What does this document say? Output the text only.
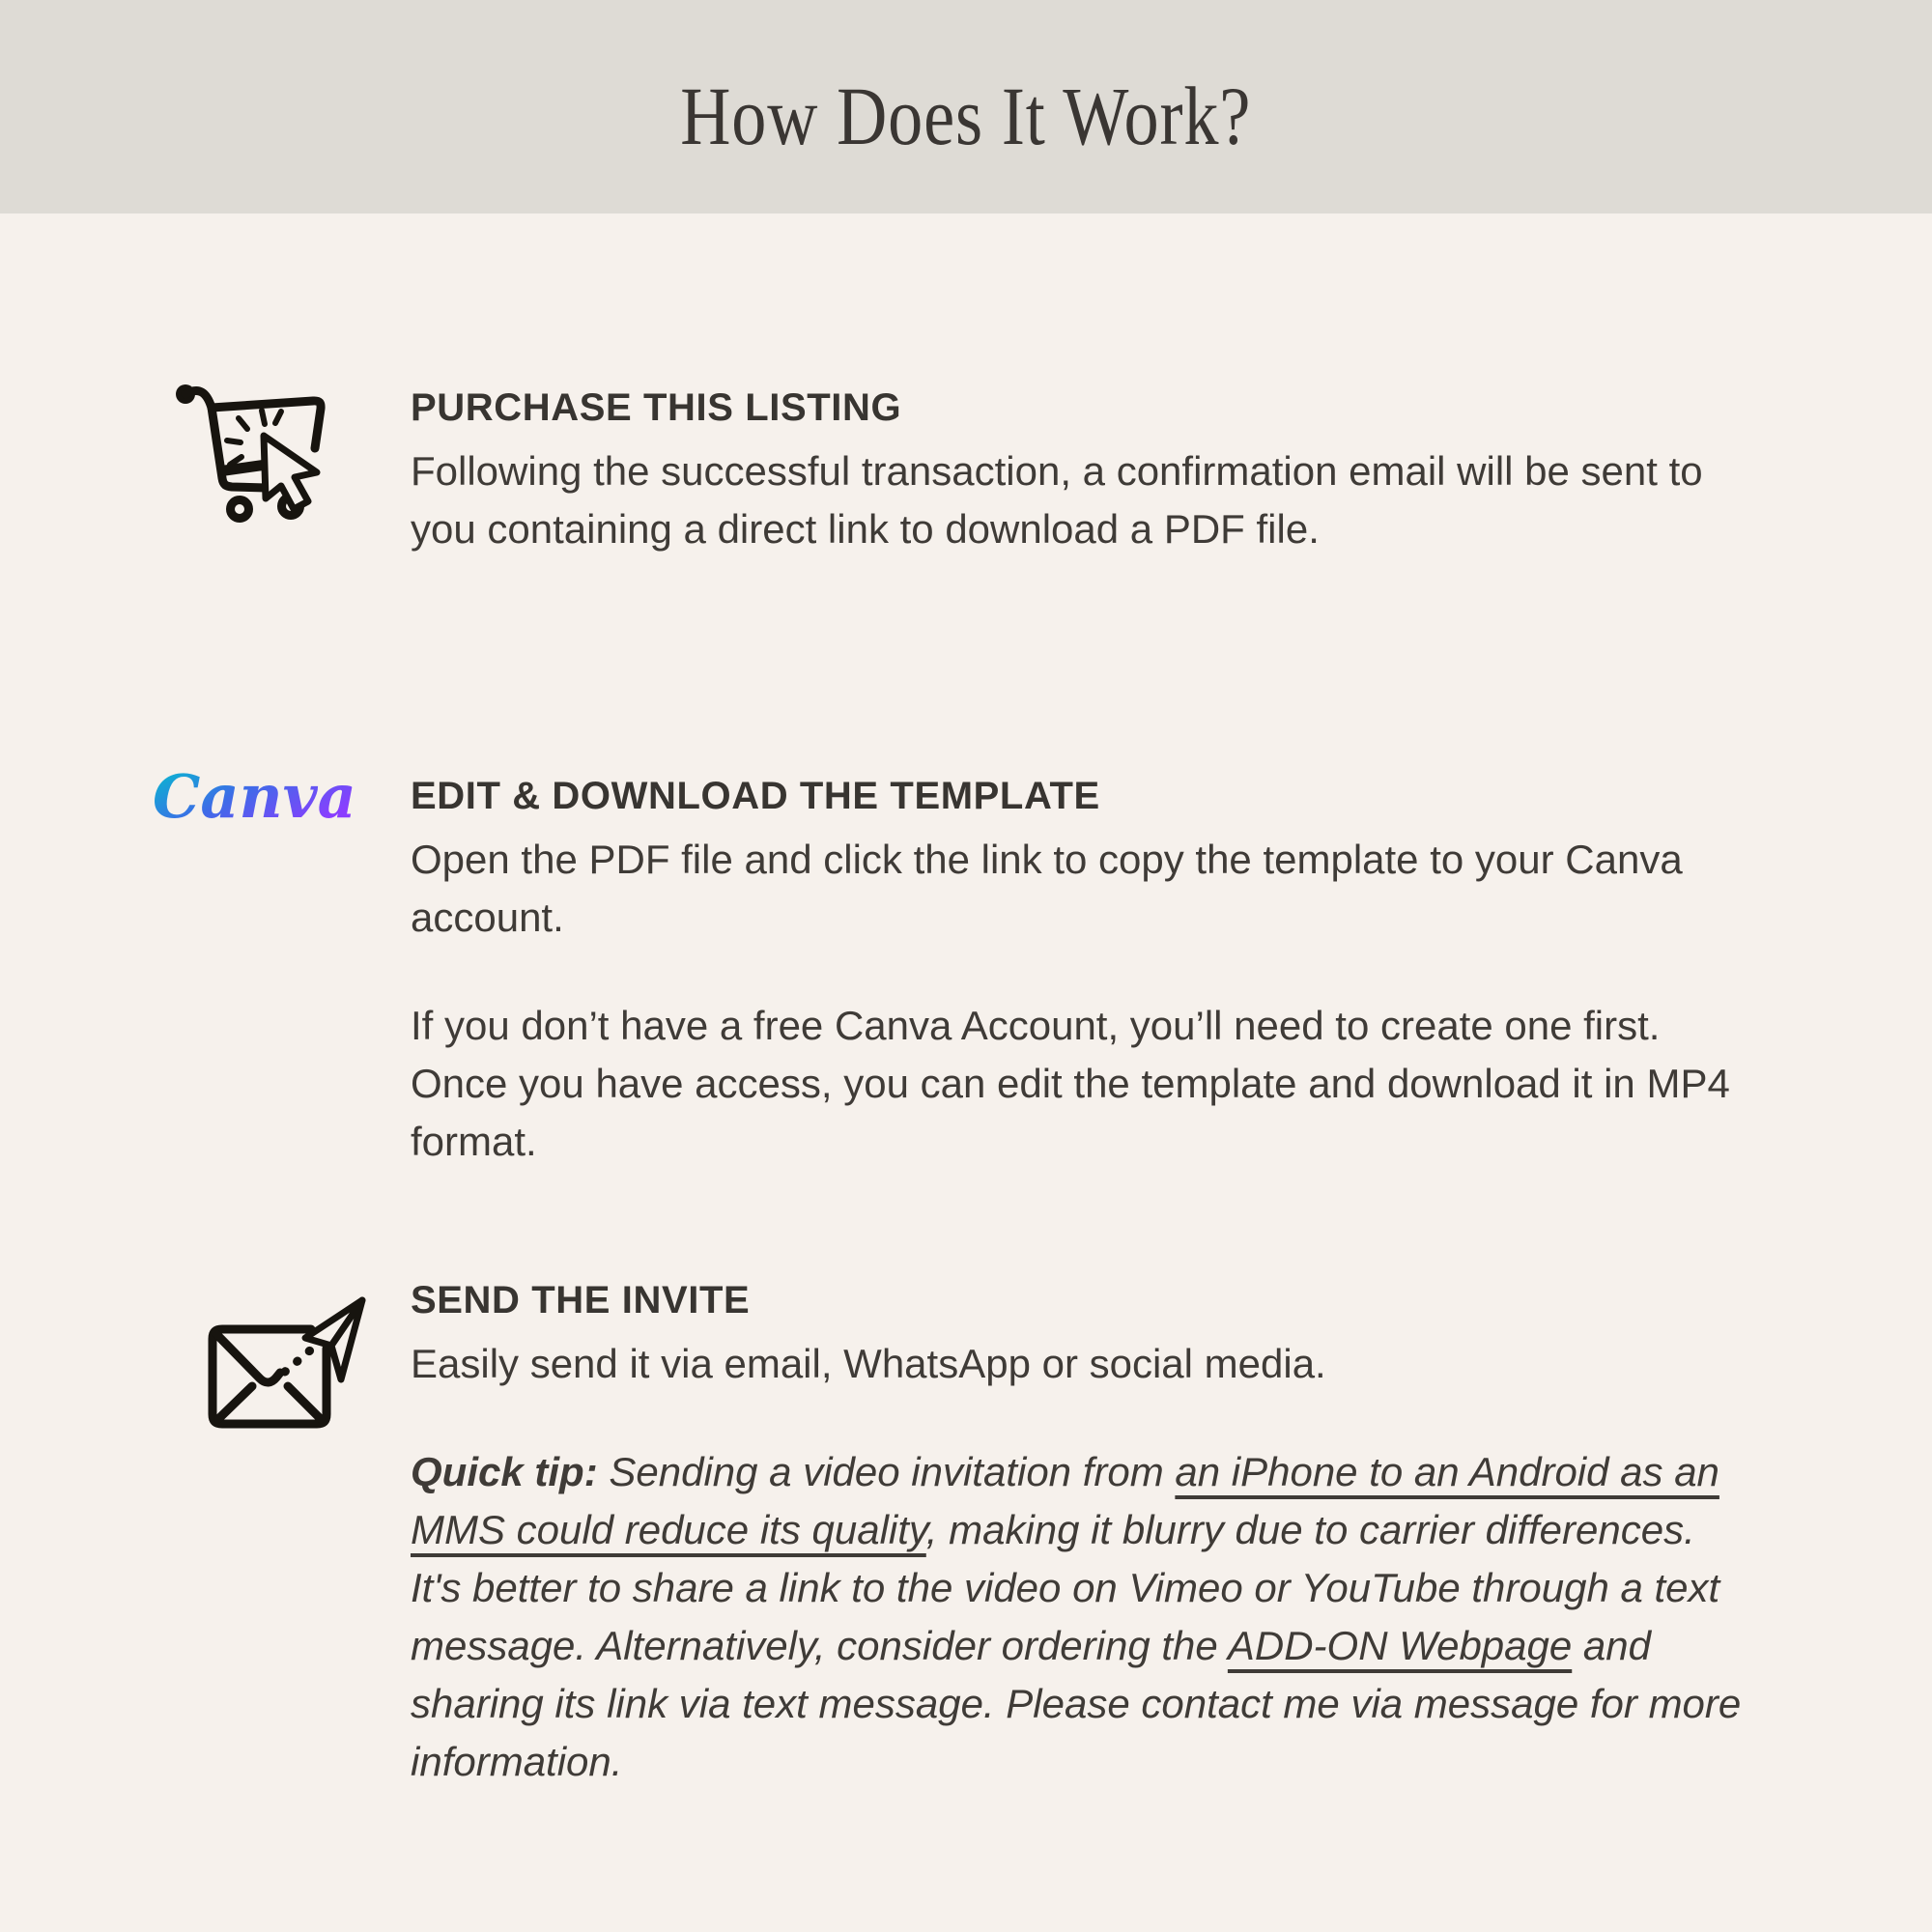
How Does It Work?
PURCHASE THIS LISTING

Following the successful transaction, a confirmation email will be sent to you containing a direct link to download a PDF file.

Canva EDIT & DOWNLOAD THE TEMPLATE

Open the PDF file and click the link to copy the template to your Canva account.

If you don’t have a free Canva Account, you’ll need to create one first. Once you have access, you can edit the template and download it in MP4 format.

SEND THE INVITE

Easily send it via email, WhatsApp or social media.

Quick tip: Sending a video invitation from an iPhone to an Android as an MMS could reduce its quality, making it blurry due to carrier differences.
It's better to share a link to the video on Vimeo or YouTube through a text message. Alternatively, consider ordering the ADD-ON Webpage and sharing its link via text message. Please contact me via message for more information.
